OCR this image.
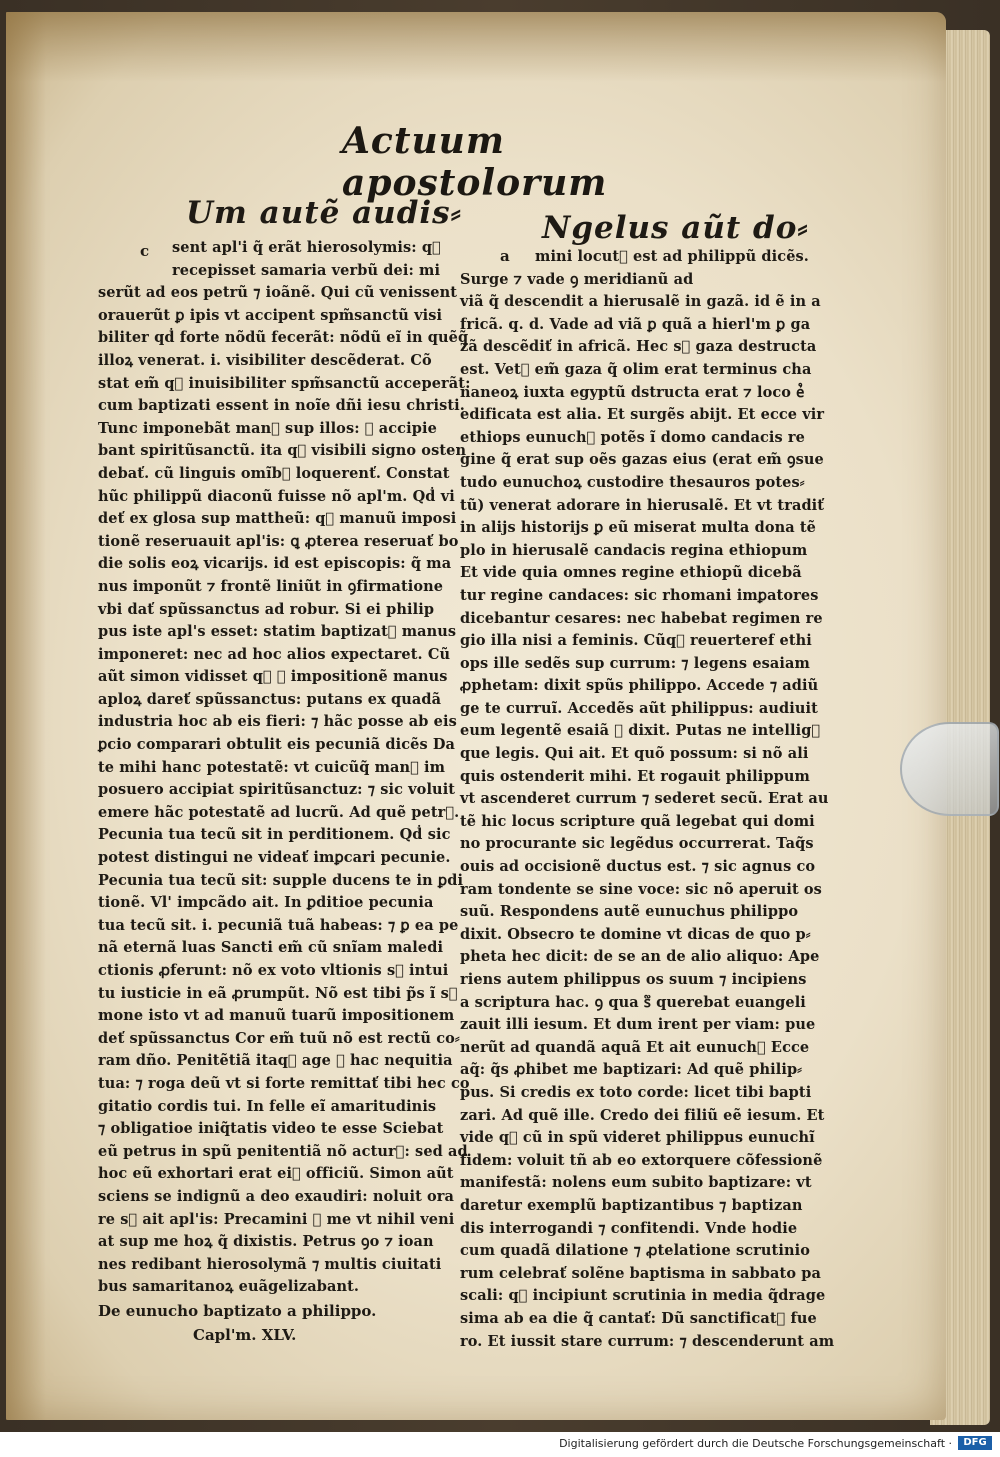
Actuum apostolorum
c
Um autẽ audis⸗
sent apl'i q̃ erãt hierosolymis: q᷑
recepisset samaria verbũ dei: mi
serũt ad eos petrũ ⁊ ioãnẽ. Qui cũ venissent
orauerũt ꝑ ipis vt accipent spm̃sanctũ visi
biliter qḋ forte nõdũ fecerãt: nõdũ eĩ in quẽq̃
illoꝝ venerat. i. visibiliter descẽderat. Cõ
stat em̃ q᷑ inuisibiliter spm̃sanctũ acceperãt:
cum baptizati essent in noĩe dñi iesu christi.
Tunc imponebãt man᷒ sup illos: ⁊ accipie
bant spiritũsanctũ. ita q᷑ visibili signo osten
debať. cũ linguis omĩb᷒ loquerenť. Constat
hũc philippũ diaconũ fuisse nõ apl'm. Qḋ vi
deť ex glosa sup mattheũ: q᷑ manuũ imposi
tionẽ reseruauit apl'is: ꝗ ꝓterea reseruať bo
die solis eoꝝ vicarijs. id est episcopis: q̃ ma
nus imponũt ⁊ frontẽ liniũt in ꝯfirmatione
vbi dať spũssanctus ad robur. Si ei philip
pus iste apl's esset: statim baptizat᷒ manus
imponeret: nec ad hoc alios expectaret. Cũ
aũt simon vidisset q᷑ ꝑ impositionẽ manus
aploꝝ dareť spũssanctus: putans ex quadã
industria hoc ab eis fieri: ⁊ hãc posse ab eis
ꝑcio comparari obtulit eis pecuniã dicẽs Da
te mihi hanc potestatẽ: vt cuicũq̃ man᷒ im
posuero accipiat spiritũsanctuz: ⁊ sic voluit
emere hãc potestatẽ ad lucrũ. Ad quẽ petr᷒.
Pecunia tua tecũ sit in perditionem. Qḋ sic
potest distingui ne videať imꝑcari pecunie.
Pecunia tua tecũ sit: supple ducens te in ꝑdi
tionẽ. Vl' impcãdo ait. In ꝑditioe pecunia
tua tecũ sit. i. pecuniã tuã habeas: ⁊ ꝑ ea pe
nã eternã luas Sancti em̃ cũ snĩam maledi
ctionis ꝓferunt: nõ ex voto vltionis s᷑ intui
tu iusticie in eã ꝓrumpũt. Nõ est tibi p̃s ĩ s᷑
mone isto vt ad manuũ tuarũ impositionem
deť spũssanctus Cor em̃ tuũ nõ est rectũ co⸗
ram dño. Penitẽtiã itaq᷒ age ꝑ hac nequitia
tua: ⁊ roga deũ vt si forte remittať tibi hec co
gitatio cordis tui. In felle eĩ amaritudinis
⁊ obligatioe iniq̃tatis video te esse Sciebat
eũ petrus in spũ penitentiã nõ actur᷒: sed ad
hoc eũ exhortari erat ei᷒ officiũ. Simon aũt
sciens se indignũ a deo exaudiri: noluit ora
re s᷑ ait apl'is: Precamini ꝑ me vt nihil veni
at sup me hoꝝ q̃ dixistis. Petrus ꝯo ⁊ ioan
nes redibant hierosolymã ⁊ multis ciuitati
bus samaritanoꝝ euãgelizabant.
De eunucho baptizato a philippo.
Capl'm. XLV.
a
Ngelus aũt do⸗
mini locut᷒ est ad philippũ dicẽs.
Surge ⁊ vade ꝯ meridianũ ad
viã q̃ descendit a hierusalẽ in gazã. id ẽ in a
fricã. q. d. Vade ad viã ꝑ quã a hierl'm ꝑ ga
zã descẽdiť in africã. Hec s᷑ gaza destructa
est. Vet᷒ em̃ gaza q̃ olim erat terminus cha
naneoꝝ iuxta egyptũ dstructa erat ⁊ loco e᷒
edificata est alia. Et surgẽs abijt. Et ecce vir
ethiops eunuch᷒ potẽs ĩ domo candacis re
gine q̃ erat sup oẽs gazas eius (erat em̃ ꝯsue
tudo eunuchoꝝ custodire thesauros potes⸗
tũ) venerat adorare in hierusalẽ. Et vt tradiť
in alijs historijs ꝑ eũ miserat multa dona tẽ
plo in hierusalẽ candacis regina ethiopum
Et vide quia omnes regine ethiopũ dicebã
tur regine candaces: sic rhomani imꝑatores
dicebantur cesares: nec habebat regimen re
gio illa nisi a feminis. Cũq᷒ reuerteref ethi
ops ille sedẽs sup currum: ⁊ legens esaiam
ꝓphetam: dixit spũs philippo. Accede ⁊ adiũ
ge te curruĩ. Accedẽs aũt philippus: audiuit
eum legentẽ esaiã ⁊ dixit. Putas ne intellig᷑
que legis. Qui ait. Et quõ possum: si nõ ali
quis ostenderit mihi. Et rogauit philippum
vt ascenderet currum ⁊ sederet secũ. Erat au
tẽ hic locus scripture quã legebat qui domi
no procurante sic legẽdus occurrerat. Taq̃s
ouis ad occisionẽ ductus est. ⁊ sic agnus co
ram tondente se sine voce: sic nõ aperuit os
suũ. Respondens autẽ eunuchus philippo
dixit. Obsecro te domine vt dicas de quo p⸗
pheta hec dicit: de se an de alio aliquo: Ape
riens autem philippus os suum ⁊ incipiens
a scriptura hac. ꝯ qua s᷑ querebat euangeli
zauit illi iesum. Et dum irent per viam: pue
nerũt ad quandã aquã Et ait eunuch᷒ Ecce
aq̃: q̃s ꝓhibet me baptizari: Ad quẽ philip⸗
pus. Si credis ex toto corde: licet tibi bapti
zari. Ad quẽ ille. Credo dei filiũ eẽ iesum. Et
vide q᷑ cũ in spũ videret philippus eunuchĩ
fidem: voluit tñ ab eo extorquere cõfessionẽ
manifestã: nolens eum subito baptizare: vt
daretur exemplũ baptizantibus ⁊ baptizan
dis interrogandi ⁊ confitendi. Vnde hodie
cum quadã dilatione ⁊ ꝓtelatione scrutinio
rum celebrať solẽne baptisma in sabbato pa
scali: q᷑ incipiunt scrutinia in media q̃drage
sima ab ea die q̃ cantať: Dũ sanctificat᷒ fue
ro. Et iussit stare currum: ⁊ descenderunt am
Digitalisierung gefördert durch die Deutsche Forschungsgemeinschaft ·	DFG
